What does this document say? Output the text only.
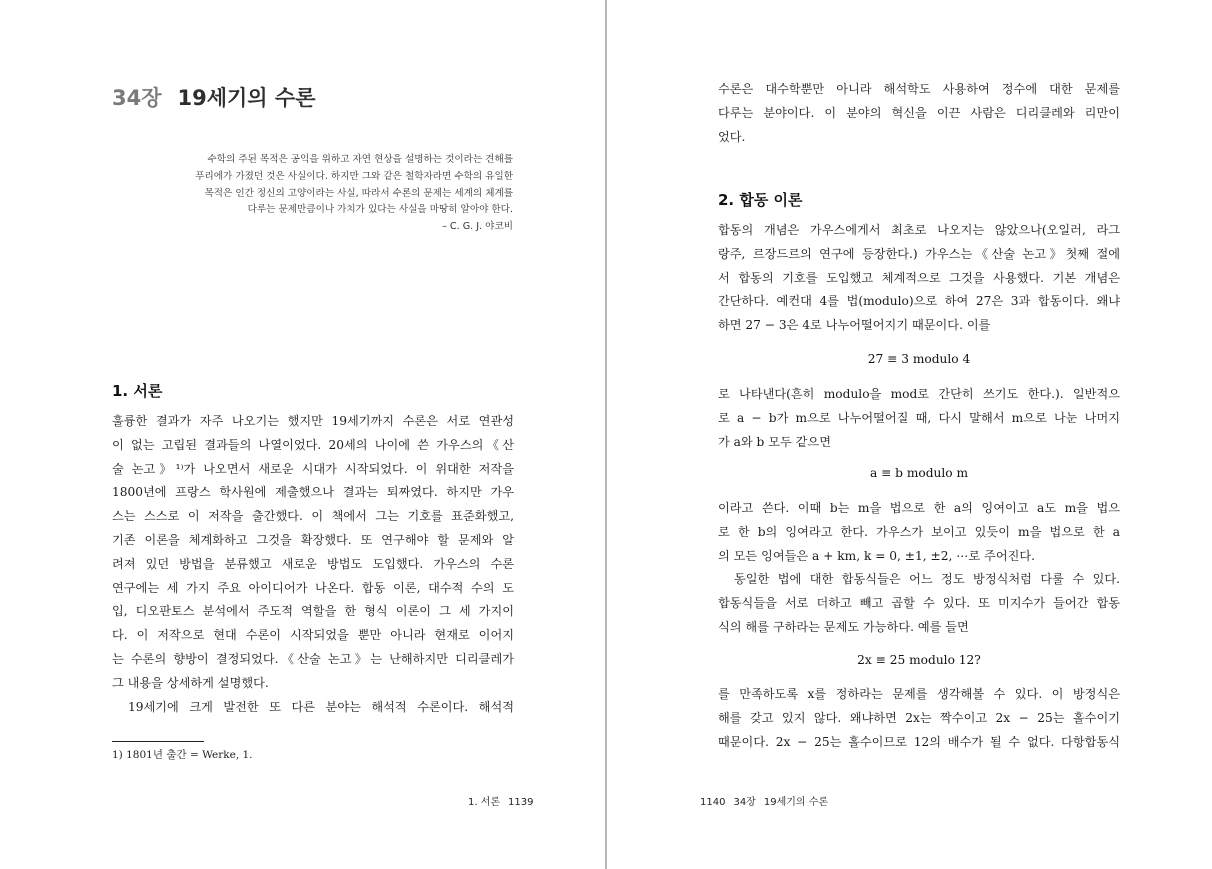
34장 19세기의 수론
수학의 주된 목적은 공익을 위하고 자연 현상을 설명하는 것이라는 견해를
푸리에가 가졌던 것은 사실이다. 하지만 그와 같은 철학자라면 수학의 유일한
목적은 인간 정신의 고양이라는 사실, 따라서 수론의 문제는 세계의 체계를
다루는 문제만큼이나 가치가 있다는 사실을 마땅히 알아야 한다.
– C. G. J. 야코비
1. 서론
훌륭한 결과가 자주 나오기는 했지만 19세기까지 수론은 서로 연관성
이 없는 고립된 결과들의 나열이었다. 20세의 나이에 쓴 가우스의《산
술 논고》¹⁾가 나오면서 새로운 시대가 시작되었다. 이 위대한 저작을
1800년에 프랑스 학사원에 제출했으나 결과는 퇴짜였다. 하지만 가우
스는 스스로 이 저작을 출간했다. 이 책에서 그는 기호를 표준화했고,
기존 이론을 체계화하고 그것을 확장했다. 또 연구해야 할 문제와 알
려져 있던 방법을 분류했고 새로운 방법도 도입했다. 가우스의 수론
연구에는 세 가지 주요 아이디어가 나온다. 합동 이론, 대수적 수의 도
입, 디오판토스 분석에서 주도적 역할을 한 형식 이론이 그 세 가지이
다. 이 저작으로 현대 수론이 시작되었을 뿐만 아니라 현재로 이어지
는 수론의 향방이 결정되었다.《산술 논고》는 난해하지만 디리클레가
그 내용을 상세하게 설명했다.
19세기에 크게 발전한 또 다른 분야는 해석적 수론이다. 해석적
1) 1801년 출간 = Werke, 1.
1. 서론 1139
수론은 대수학뿐만 아니라 해석학도 사용하여 정수에 대한 문제를
다루는 분야이다. 이 분야의 혁신을 이끈 사람은 디리클레와 리만이
었다.
2. 합동 이론
합동의 개념은 가우스에게서 최초로 나오지는 않았으나(오일러, 라그
랑주, 르장드르의 연구에 등장한다.) 가우스는《산술 논고》첫째 절에
서 합동의 기호를 도입했고 체계적으로 그것을 사용했다. 기본 개념은
간단하다. 예컨대 4를 법(modulo)으로 하여 27은 3과 합동이다. 왜냐
하면 27 − 3은 4로 나누어떨어지기 때문이다. 이를
27 ≡ 3 modulo 4
로 나타낸다(흔히 modulo을 mod로 간단히 쓰기도 한다.). 일반적으
로 a − b가 m으로 나누어떨어질 때, 다시 말해서 m으로 나눈 나머지
가 a와 b 모두 같으면
a ≡ b modulo m
이라고 쓴다. 이때 b는 m을 법으로 한 a의 잉여이고 a도 m을 법으
로 한 b의 잉여라고 한다. 가우스가 보이고 있듯이 m을 법으로 한 a
의 모든 잉여들은 a + km, k = 0, ±1, ±2, ⋯로 주어진다.
동일한 법에 대한 합동식들은 어느 정도 방정식처럼 다룰 수 있다.
합동식들을 서로 더하고 빼고 곱할 수 있다. 또 미지수가 들어간 합동
식의 해를 구하라는 문제도 가능하다. 예를 들면
2x ≡ 25 modulo 12?
를 만족하도록 x를 정하라는 문제를 생각해볼 수 있다. 이 방정식은
해를 갖고 있지 않다. 왜냐하면 2x는 짝수이고 2x − 25는 홀수이기
때문이다. 2x − 25는 홀수이므로 12의 배수가 될 수 없다. 다항합동식
1140 34장 19세기의 수론
